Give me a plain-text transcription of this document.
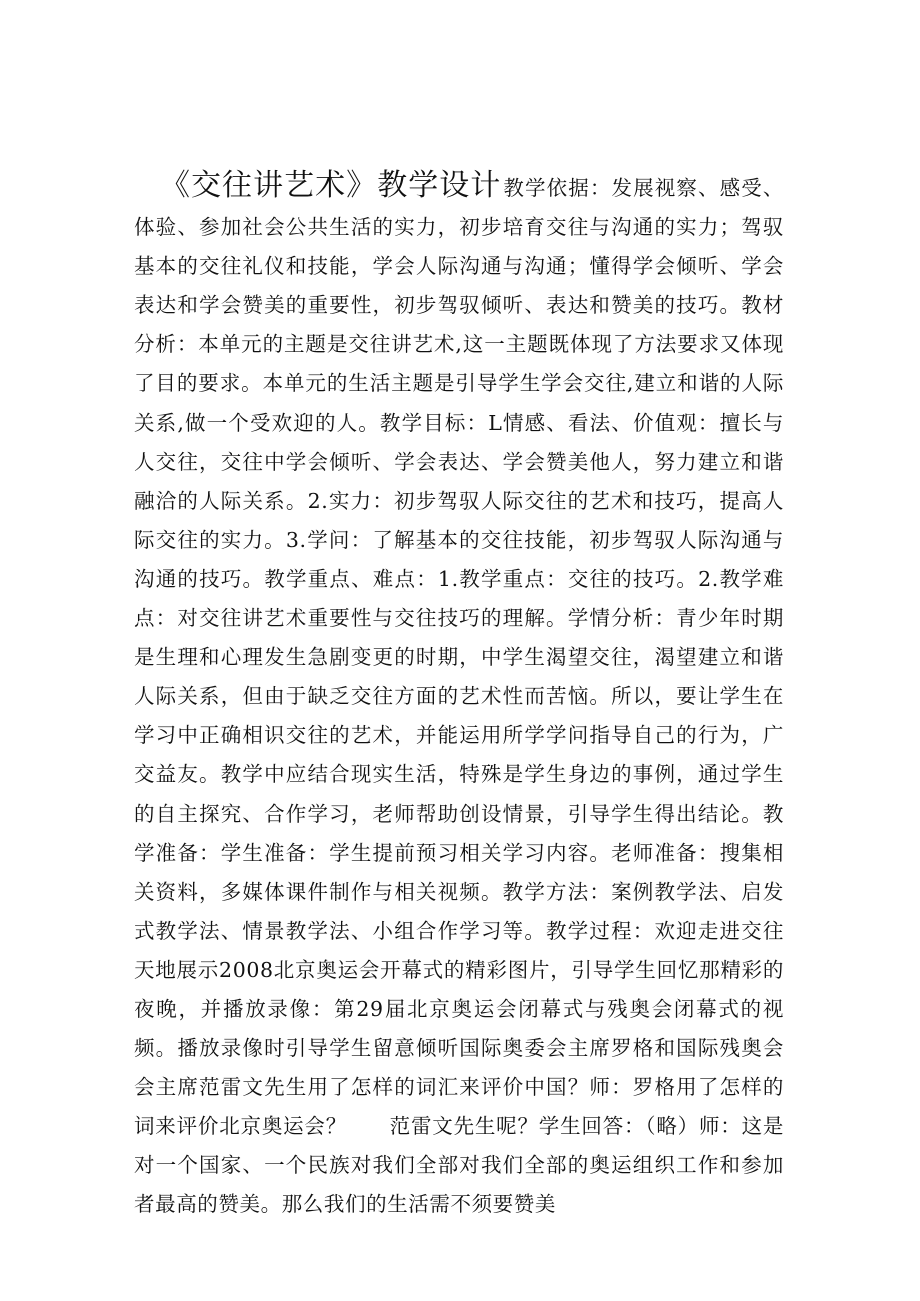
《交往讲艺术》教学设计教学依据：发展视察、感受、体验、参加社会公共生活的实力，初步培育交往与沟通的实力；驾驭基本的交往礼仪和技能，学会人际沟通与沟通；懂得学会倾听、学会表达和学会赞美的重要性，初步驾驭倾听、表达和赞美的技巧。教材分析：本单元的主题是交往讲艺术,这一主题既体现了方法要求又体现了目的要求。本单元的生活主题是引导学生学会交往,建立和谐的人际关系,做一个受欢迎的人。教学目标：L情感、看法、价值观：擅长与人交往，交往中学会倾听、学会表达、学会赞美他人，努力建立和谐融洽的人际关系。2.实力：初步驾驭人际交往的艺术和技巧，提高人际交往的实力。3.学问：了解基本的交往技能，初步驾驭人际沟通与沟通的技巧。教学重点、难点：1.教学重点：交往的技巧。2.教学难点：对交往讲艺术重要性与交往技巧的理解。学情分析：青少年时期是生理和心理发生急剧变更的时期，中学生渴望交往，渴望建立和谐人际关系，但由于缺乏交往方面的艺术性而苦恼。所以，要让学生在学习中正确相识交往的艺术，并能运用所学学问指导自己的行为，广交益友。教学中应结合现实生活，特殊是学生身边的事例，通过学生的自主探究、合作学习，老师帮助创设情景，引导学生得出结论。教学准备：学生准备：学生提前预习相关学习内容。老师准备：搜集相关资料，多媒体课件制作与相关视频。教学方法：案例教学法、启发式教学法、情景教学法、小组合作学习等。教学过程：欢迎走进交往天地展示2008北京奥运会开幕式的精彩图片，引导学生回忆那精彩的夜晚，并播放录像：第29届北京奥运会闭幕式与残奥会闭幕式的视频。播放录像时引导学生留意倾听国际奥委会主席罗格和国际残奥会会主席范雷文先生用了怎样的词汇来评价中国？师：罗格用了怎样的词来评价北京奥运会？　　范雷文先生呢？学生回答：（略）师：这是对一个国家、一个民族对我们全部对我们全部的奥运组织工作和参加者最高的赞美。那么我们的生活需不须要赞美
